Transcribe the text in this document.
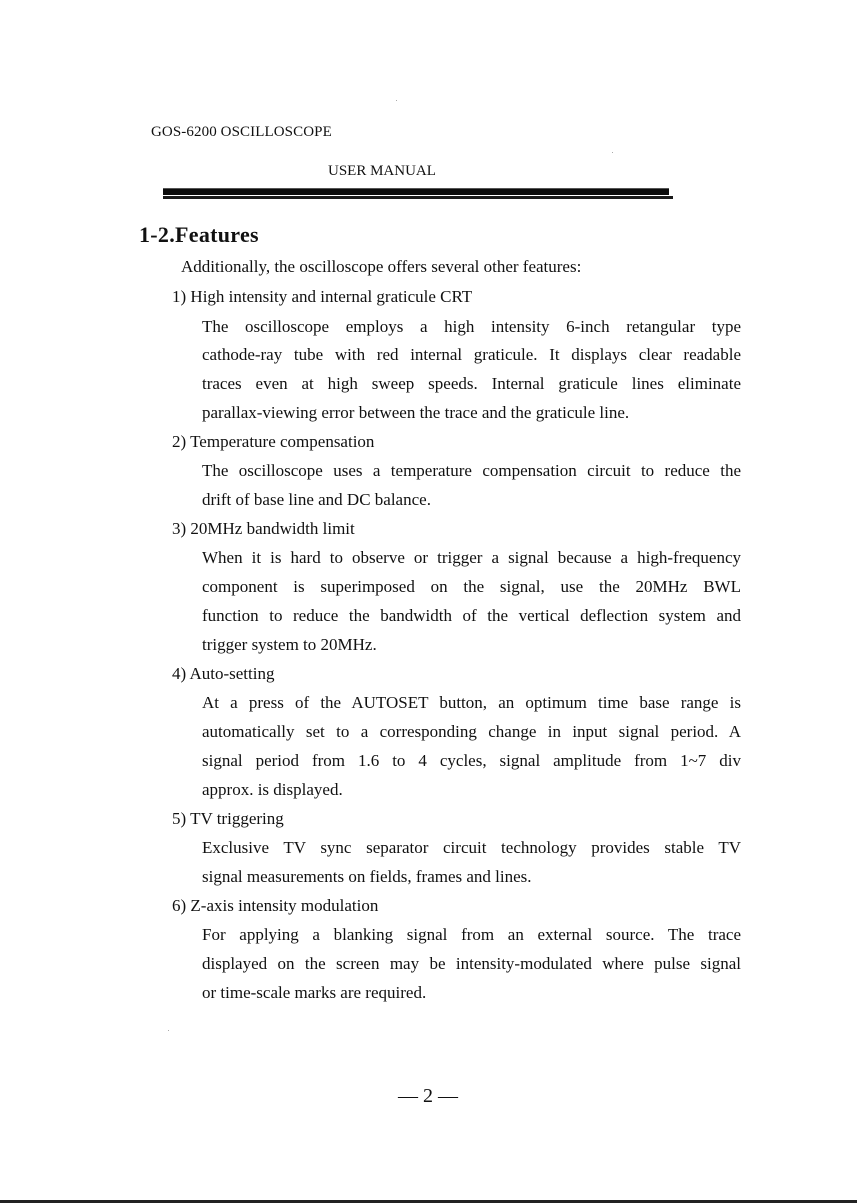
GOS-6200 OSCILLOSCOPE
USER MANUAL
1-2.Features
Additionally, the oscilloscope offers several other features:
1) High intensity and internal graticule CRT
The oscilloscope employs a high intensity 6-inch retangular type
cathode-ray tube with red internal graticule. It displays clear readable
traces even at high sweep speeds. Internal graticule lines eliminate
parallax-viewing error between the trace and the graticule line.
2) Temperature compensation
The oscilloscope uses a temperature compensation circuit to reduce the
drift of base line and DC balance.
3) 20MHz bandwidth limit
When it is hard to observe or trigger a signal because a high-frequency
component is superimposed on the signal, use the 20MHz BWL
function to reduce the bandwidth of the vertical deflection system and
trigger system to 20MHz.
4) Auto-setting
At a press of the AUTOSET button, an optimum time base range is
automatically set to a corresponding change in input signal period. A
signal period from 1.6 to 4 cycles, signal amplitude from 1~7 div
approx. is displayed.
5) TV triggering
Exclusive TV sync separator circuit technology provides stable TV
signal measurements on fields, frames and lines.
6) Z-axis intensity modulation
For applying a blanking signal from an external source. The trace
displayed on the screen may be intensity-modulated where pulse signal
or time-scale marks are required.
— 2 —
